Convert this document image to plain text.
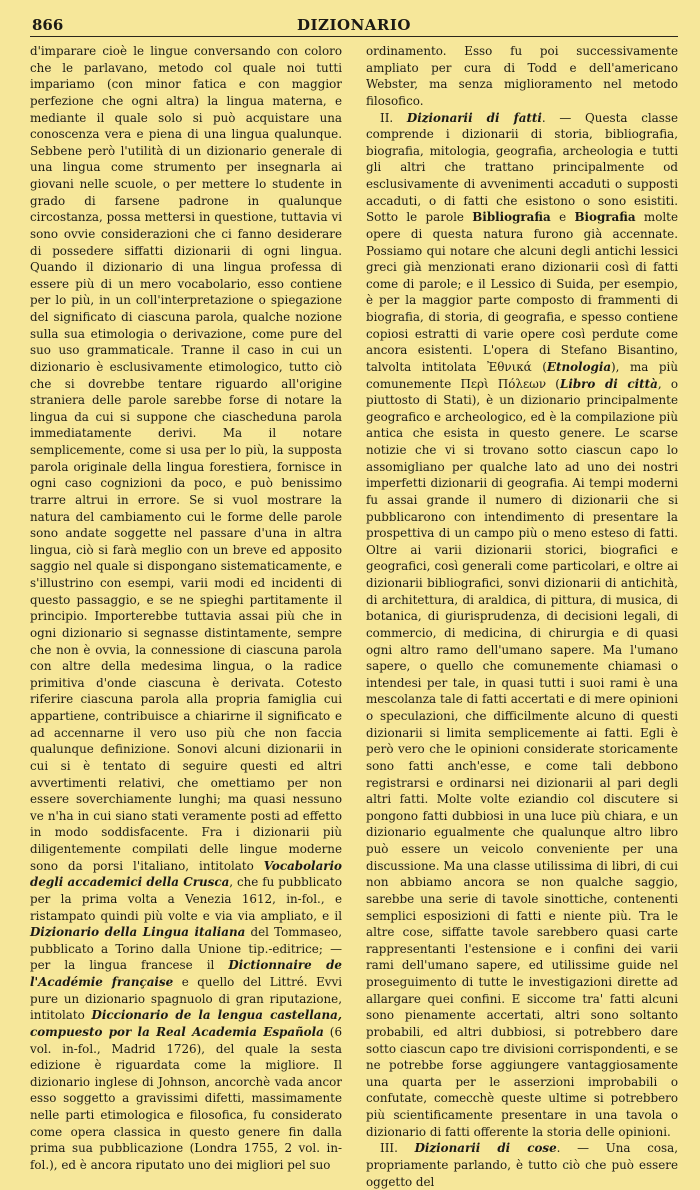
866	DIZIONARIO

d'imparare cioè le lingue conversando con coloro che le parlavano, metodo col quale noi tutti impariamo (con minor fatica e con maggior perfezione che ogni altra) la lingua materna, e mediante il quale solo si può acquistare una conoscenza vera e piena di una lingua qualunque. Sebbene però l'utilità di un dizionario generale di una lingua come strumento per insegnarla ai giovani nelle scuole, o per mettere lo studente in grado di farsene padrone in qualunque circostanza, possa mettersi in questione, tuttavia vi sono ovvie considerazioni che ci fanno desiderare di possedere siffatti dizionarii di ogni lingua. Quando il dizionario di una lingua professa di essere più di un mero vocabolario, esso contiene per lo più, in un coll'interpretazione o spiegazione del significato di ciascuna parola, qualche nozione sulla sua etimologia o derivazione, come pure del suo uso grammaticale. Tranne il caso in cui un dizionario è esclusivamente etimologico, tutto ciò che si dovrebbe tentare riguardo all'origine straniera delle parole sarebbe forse di notare la lingua da cui si suppone che ciascheduna parola immediatamente derivi. Ma il notare semplicemente, come si usa per lo più, la supposta parola originale della lingua forestiera, fornisce in ogni caso cognizioni da poco, e può benissimo trarre altrui in errore. Se si vuol mostrare la natura del cambiamento cui le forme delle parole sono andate soggette nel passare d'una in altra lingua, ciò si farà meglio con un breve ed apposito saggio nel quale si dispongano sistematicamente, e s'illustrino con esempi, varii modi ed incidenti di questo passaggio, e se ne spieghi partitamente il principio. Importerebbe tuttavia assai più che in ogni dizionario si segnasse distintamente, sempre che non è ovvia, la connessione di ciascuna parola con altre della medesima lingua, o la radice primitiva d'onde ciascuna è derivata. Cotesto riferire ciascuna parola alla propria famiglia cui appartiene, contribuisce a chiarirne il significato e ad accennarne il vero uso più che non faccia qualunque definizione. Sonovi alcuni dizionarii in cui si è tentato di seguire questi ed altri avvertimenti relativi, che omettiamo per non essere soverchiamente lunghi; ma quasi nessuno ve n'ha in cui siano stati veramente posti ad effetto in modo soddisfacente. Fra i dizionarii più diligentemente compilati delle lingue moderne sono da porsi l'italiano, intitolato Vocabolario degli accademici della Crusca, che fu pubblicato per la prima volta a Venezia 1612, in-fol., e ristampato quindi più volte e via via ampliato, e il Dizionario della Lingua italiana del Tommaseo, pubblicato a Torino dalla Unione tip.-editrice; — per la lingua francese il Dictionnaire de l'Académie française e quello del Littré. Evvi pure un dizionario spagnuolo di gran riputazione, intitolato Diccionario de la lengua castellana, compuesto por la Real Academia Española (6 vol. in-fol., Madrid 1726), del quale la sesta edizione è riguardata come la migliore. Il dizionario inglese di Johnson, ancorchè vada ancor esso soggetto a gravissimi difetti, massimamente nelle parti etimologica e filosofica, fu considerato come opera classica in questo genere fin dalla prima sua pubblicazione (Londra 1755, 2 vol. in-fol.), ed è ancora riputato uno dei migliori pel suo

ordinamento. Esso fu poi successivamente ampliato per cura di Todd e dell'americano Webster, ma senza miglioramento nel metodo filosofico.

II. Dizionarii di fatti. — Questa classe comprende i dizionarii di storia, bibliografia, biografia, mitologia, geografia, archeologia e tutti gli altri che trattano principalmente od esclusivamente di avvenimenti accaduti o supposti accaduti, o di fatti che esistono o sono esistiti. Sotto le parole Bibliografia e Biografia molte opere di questa natura furono già accennate. Possiamo qui notare che alcuni degli antichi lessici greci già menzionati erano dizionarii così di fatti come di parole; e il Lessico di Suida, per esempio, è per la maggior parte composto di frammenti di biografia, di storia, di geografia, e spesso contiene copiosi estratti di varie opere così perdute come ancora esistenti. L'opera di Stefano Bisantino, talvolta intitolata Ἐθνικά (Etnologia), ma più comunemente Περὶ Πόλεων (Libro di città, o piuttosto di Stati), è un dizionario principalmente geografico e archeologico, ed è la compilazione più antica che esista in questo genere. Le scarse notizie che vi si trovano sotto ciascun capo lo assomigliano per qualche lato ad uno dei nostri imperfetti dizionarii di geografia. Ai tempi moderni fu assai grande il numero di dizionarii che si pubblicarono con intendimento di presentare la prospettiva di un campo più o meno esteso di fatti. Oltre ai varii dizionarii storici, biografici e geografici, così generali come particolari, e oltre ai dizionarii bibliografici, sonvi dizionarii di antichità, di architettura, di araldica, di pittura, di musica, di botanica, di giurisprudenza, di decisioni legali, di commercio, di medicina, di chirurgia e di quasi ogni altro ramo dell'umano sapere. Ma l'umano sapere, o quello che comunemente chiamasi o intendesi per tale, in quasi tutti i suoi rami è una mescolanza tale di fatti accertati e di mere opinioni o speculazioni, che difficilmente alcuno di questi dizionarii si limita semplicemente ai fatti. Egli è però vero che le opinioni considerate storicamente sono fatti anch'esse, e come tali debbono registrarsi e ordinarsi nei dizionarii al pari degli altri fatti. Molte volte eziandio col discutere si pongono fatti dubbiosi in una luce più chiara, e un dizionario egualmente che qualunque altro libro può essere un veicolo conveniente per una discussione. Ma una classe utilissima di libri, di cui non abbiamo ancora se non qualche saggio, sarebbe una serie di tavole sinottiche, contenenti semplici esposizioni di fatti e niente più. Tra le altre cose, siffatte tavole sarebbero quasi carte rappresentanti l'estensione e i confini dei varii rami dell'umano sapere, ed utilissime guide nel proseguimento di tutte le investigazioni dirette ad allargare quei confini. E siccome tra' fatti alcuni sono pienamente accertati, altri sono soltanto probabili, ed altri dubbiosi, si potrebbero dare sotto ciascun capo tre divisioni corrispondenti, e se ne potrebbe forse aggiungere vantaggiosamente una quarta per le asserzioni improbabili o confutate, comecchè queste ultime si potrebbero più scientificamente presentare in una tavola o dizionario di fatti offerente la storia delle opinioni.

III. Dizionarii di cose. — Una cosa, propriamente parlando, è tutto ciò che può essere oggetto del
